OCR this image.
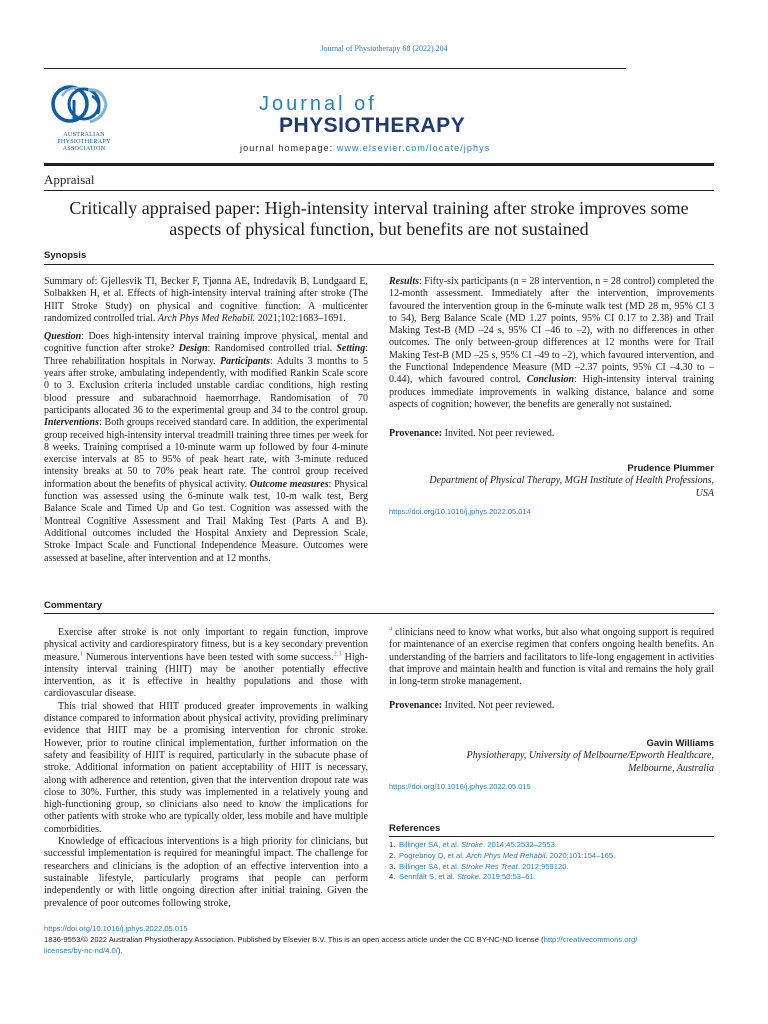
Journal of Physiotherapy 68 (2022) 204
AUSTRALIAN
PHYSIOTHERAPY
ASSOCIATION
Journal of
PHYSIOTHERAPY
journal homepage: www.elsevier.com/locate/jphys
Appraisal
Critically appraised paper: High-intensity interval training after stroke improves some aspects of physical function, but benefits are not sustained
Synopsis

Summary of: Gjellesvik TI, Becker F, Tjønna AE, Indredavik B, Lundgaard E, Solbakken H, et al. Effects of high-intensity interval training after stroke (The HIIT Stroke Study) on physical and cognitive function: A multicenter randomized controlled trial. Arch Phys Med Rehabil. 2021;102:1683–1691.

Question: Does high-intensity interval training improve physical, mental and cognitive function after stroke? Design: Randomised controlled trial. Setting: Three rehabilitation hospitals in Norway. Participants: Adults 3 months to 5 years after stroke, ambulating independently, with modified Rankin Scale score 0 to 3. Exclusion criteria included unstable cardiac conditions, high resting blood pressure and subarachnoid haemorrhage. Randomisation of 70 participants allocated 36 to the experimental group and 34 to the control group. Interventions: Both groups received standard care. In addition, the experimental group received high-intensity interval treadmill training three times per week for 8 weeks. Training comprised a 10-minute warm up followed by four 4-minute exercise intervals at 85 to 95% of peak heart rate, with 3-minute reduced intensity breaks at 50 to 70% peak heart rate. The control group received information about the benefits of physical activity. Outcome measures: Physical function was assessed using the 6-minute walk test, 10-m walk test, Berg Balance Scale and Timed Up and Go test. Cognition was assessed with the Montreal Cognitive Assessment and Trail Making Test (Parts A and B). Additional outcomes included the Hospital Anxiety and Depression Scale, Stroke Impact Scale and Functional Independence Measure. Outcomes were assessed at baseline, after intervention and at 12 months.

Results: Fifty-six participants (n = 28 intervention, n = 28 control) completed the 12-month assessment. Immediately after the intervention, improvements favoured the intervention group in the 6-minute walk test (MD 28 m, 95% CI 3 to 54), Berg Balance Scale (MD 1.27 points, 95% CI 0.17 to 2.38) and Trail Making Test-B (MD –24 s, 95% CI –46 to –2), with no differences in other outcomes. The only between-group differences at 12 months were for Trail Making Test-B (MD –25 s, 95% CI –49 to –2), which favoured intervention, and the Functional Independence Measure (MD –2.37 points, 95% CI –4.30 to –0.44), which favoured control. Conclusion: High-intensity interval training produces immediate improvements in walking distance, balance and some aspects of cognition; however, the benefits are generally not sustained.

Provenance: Invited. Not peer reviewed.

Prudence Plummer
Department of Physical Therapy, MGH Institute of Health Professions,
USA
https://doi.org/10.1016/j.jphys.2022.05.014
Commentary

Exercise after stroke is not only important to regain function, improve physical activity and cardiorespiratory fitness, but is a key secondary prevention measure.$^1$ Numerous interventions have been tested with some success.$^{2,3}$ High-intensity interval training (HIIT) may be another potentially effective intervention, as it is effective in healthy populations and those with cardiovascular disease.

This trial showed that HIIT produced greater improvements in walking distance compared to information about physical activity, providing preliminary evidence that HIIT may be a promising intervention for chronic stroke. However, prior to routine clinical implementation, further information on the safety and feasibility of HIIT is required, particularly in the subacute phase of stroke. Additional information on patient acceptability of HIIT is necessary, along with adherence and retention, given that the intervention dropout rate was close to 30%. Further, this study was implemented in a relatively young and high-functioning group, so clinicians also need to know the implications for other patients with stroke who are typically older, less mobile and have multiple comorbidities.

Knowledge of efficacious interventions is a high priority for clinicians, but successful implementation is required for meaningful impact. The challenge for researchers and clinicians is the adoption of an effective intervention into a sustainable lifestyle, particularly programs that people can perform independently or with little ongoing direction after initial training. Given the prevalence of poor outcomes following stroke,

$^4$ clinicians need to know what works, but also what ongoing support is required for maintenance of an exercise regimen that confers ongoing health benefits. An understanding of the barriers and facilitators to life-long engagement in activities that improve and maintain health and function is vital and remains the holy grail in long-term stroke management.

Provenance: Invited. Not peer reviewed.

Gavin Williams
Physiotherapy, University of Melbourne/Epworth Healthcare,
Melbourne, Australia
https://doi.org/10.1016/j.jphys.2022.05.015
References
1. Billinger SA, et al. Stroke. 2014;45:2532–2553.
2. Pogrebnoy D, et al. Arch Phys Med Rehabil. 2020;101:154–165.
3. Billinger SA, et al. Stroke Res Treat. 2012;959120.
4. Sennfält S, et al. Stroke. 2019;50:53–61.
https://doi.org/10.1016/j.jphys.2022.05.015
1836-9553/© 2022 Australian Physiotherapy Association. Published by Elsevier B.V. This is an open access article under the CC BY-NC-ND license (http://creativecommons.org/
licenses/by-nc-nd/4.0/).
